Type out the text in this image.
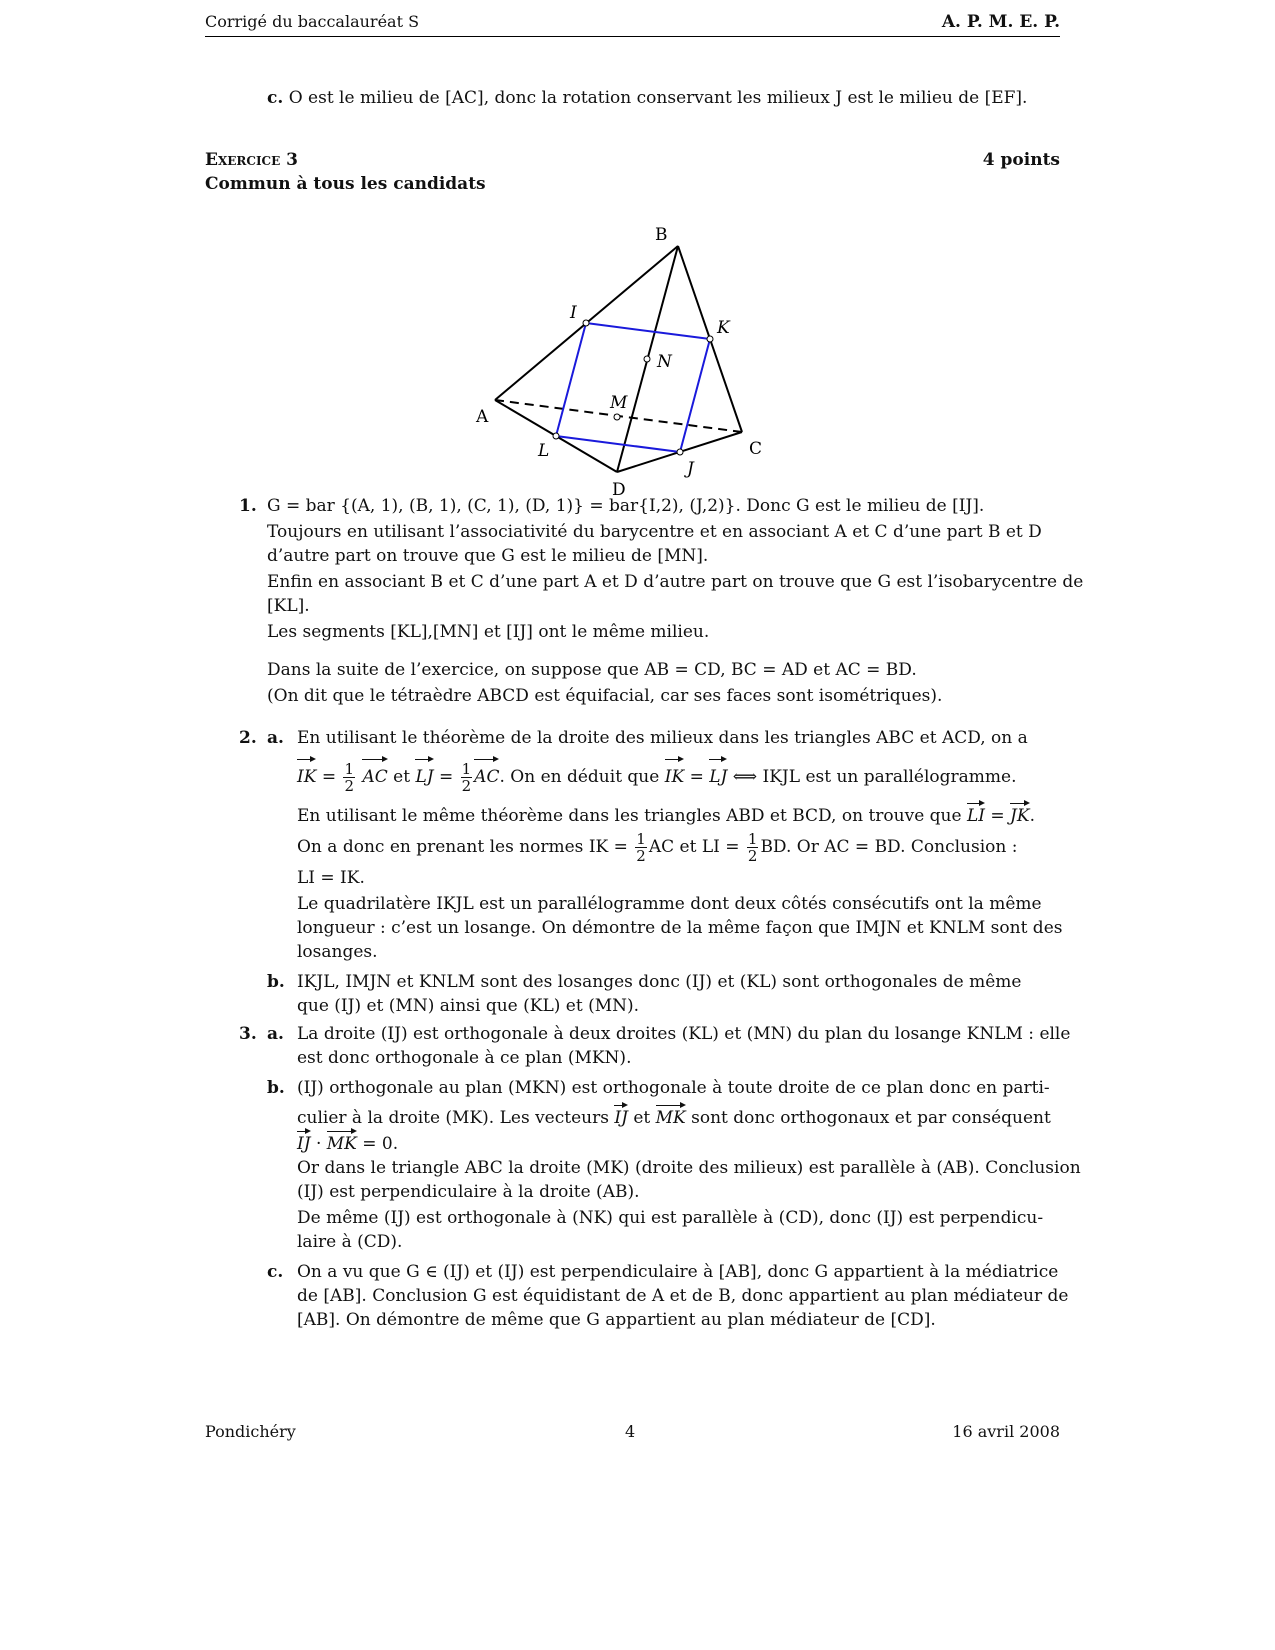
Corrigé du baccalauréat S	A. P. M. E. P.
c. O est le milieu de [AC], donc la rotation conservant les milieux J est le milieu de [EF].
Exercice 3	4 points
Commun à tous les candidats
B
A
C
D
I
K
J
L
N
M
1. G = bar {(A, 1), (B, 1), (C, 1), (D, 1)} = bar{I,2), (J,2)}. Donc G est le milieu de [IJ].
Toujours en utilisant l’associativité du barycentre et en associant A et C d’une part B et D
d’autre part on trouve que G est le milieu de [MN].
Enfin en associant B et C d’une part A et D d’autre part on trouve que G est l’isobarycentre de
[KL].
Les segments [KL],[MN] et [IJ] ont le même milieu.
Dans la suite de l’exercice, on suppose que AB = CD, BC = AD et AC = BD.
(On dit que le tétraèdre ABCD est équifacial, car ses faces sont isométriques).
2. a. En utilisant le théorème de la droite des milieux dans les triangles ABC et ACD, on a
IK = $\frac{1}{2}$ AC et LJ = $\frac{1}{2}$ AC. On en déduit que IK = LJ ⟺ IKJL est un parallélogramme.
En utilisant le même théorème dans les triangles ABD et BCD, on trouve que LI = JK.
On a donc en prenant les normes IK = $\frac{1}{2}$ AC et LI = $\frac{1}{2}$ BD. Or AC = BD. Conclusion :
LI = IK.
Le quadrilatère IKJL est un parallélogramme dont deux côtés consécutifs ont la même
longueur : c’est un losange. On démontre de la même façon que IMJN et KNLM sont des
losanges.
b. IKJL, IMJN et KNLM sont des losanges donc (IJ) et (KL) sont orthogonales de même
que (IJ) et (MN) ainsi que (KL) et (MN).
3. a. La droite (IJ) est orthogonale à deux droites (KL) et (MN) du plan du losange KNLM : elle
est donc orthogonale à ce plan (MKN).
b. (IJ) orthogonale au plan (MKN) est orthogonale à toute droite de ce plan donc en parti-
culier à la droite (MK). Les vecteurs IJ et MK sont donc orthogonaux et par conséquent
IJ · MK = 0.
Or dans le triangle ABC la droite (MK) (droite des milieux) est parallèle à (AB). Conclusion
(IJ) est perpendiculaire à la droite (AB).
De même (IJ) est orthogonale à (NK) qui est parallèle à (CD), donc (IJ) est perpendicu-
laire à (CD).
c. On a vu que G ∈ (IJ) et (IJ) est perpendiculaire à [AB], donc G appartient à la médiatrice
de [AB]. Conclusion G est équidistant de A et de B, donc appartient au plan médiateur de
[AB]. On démontre de même que G appartient au plan médiateur de [CD].
Pondichéry	4	16 avril 2008
